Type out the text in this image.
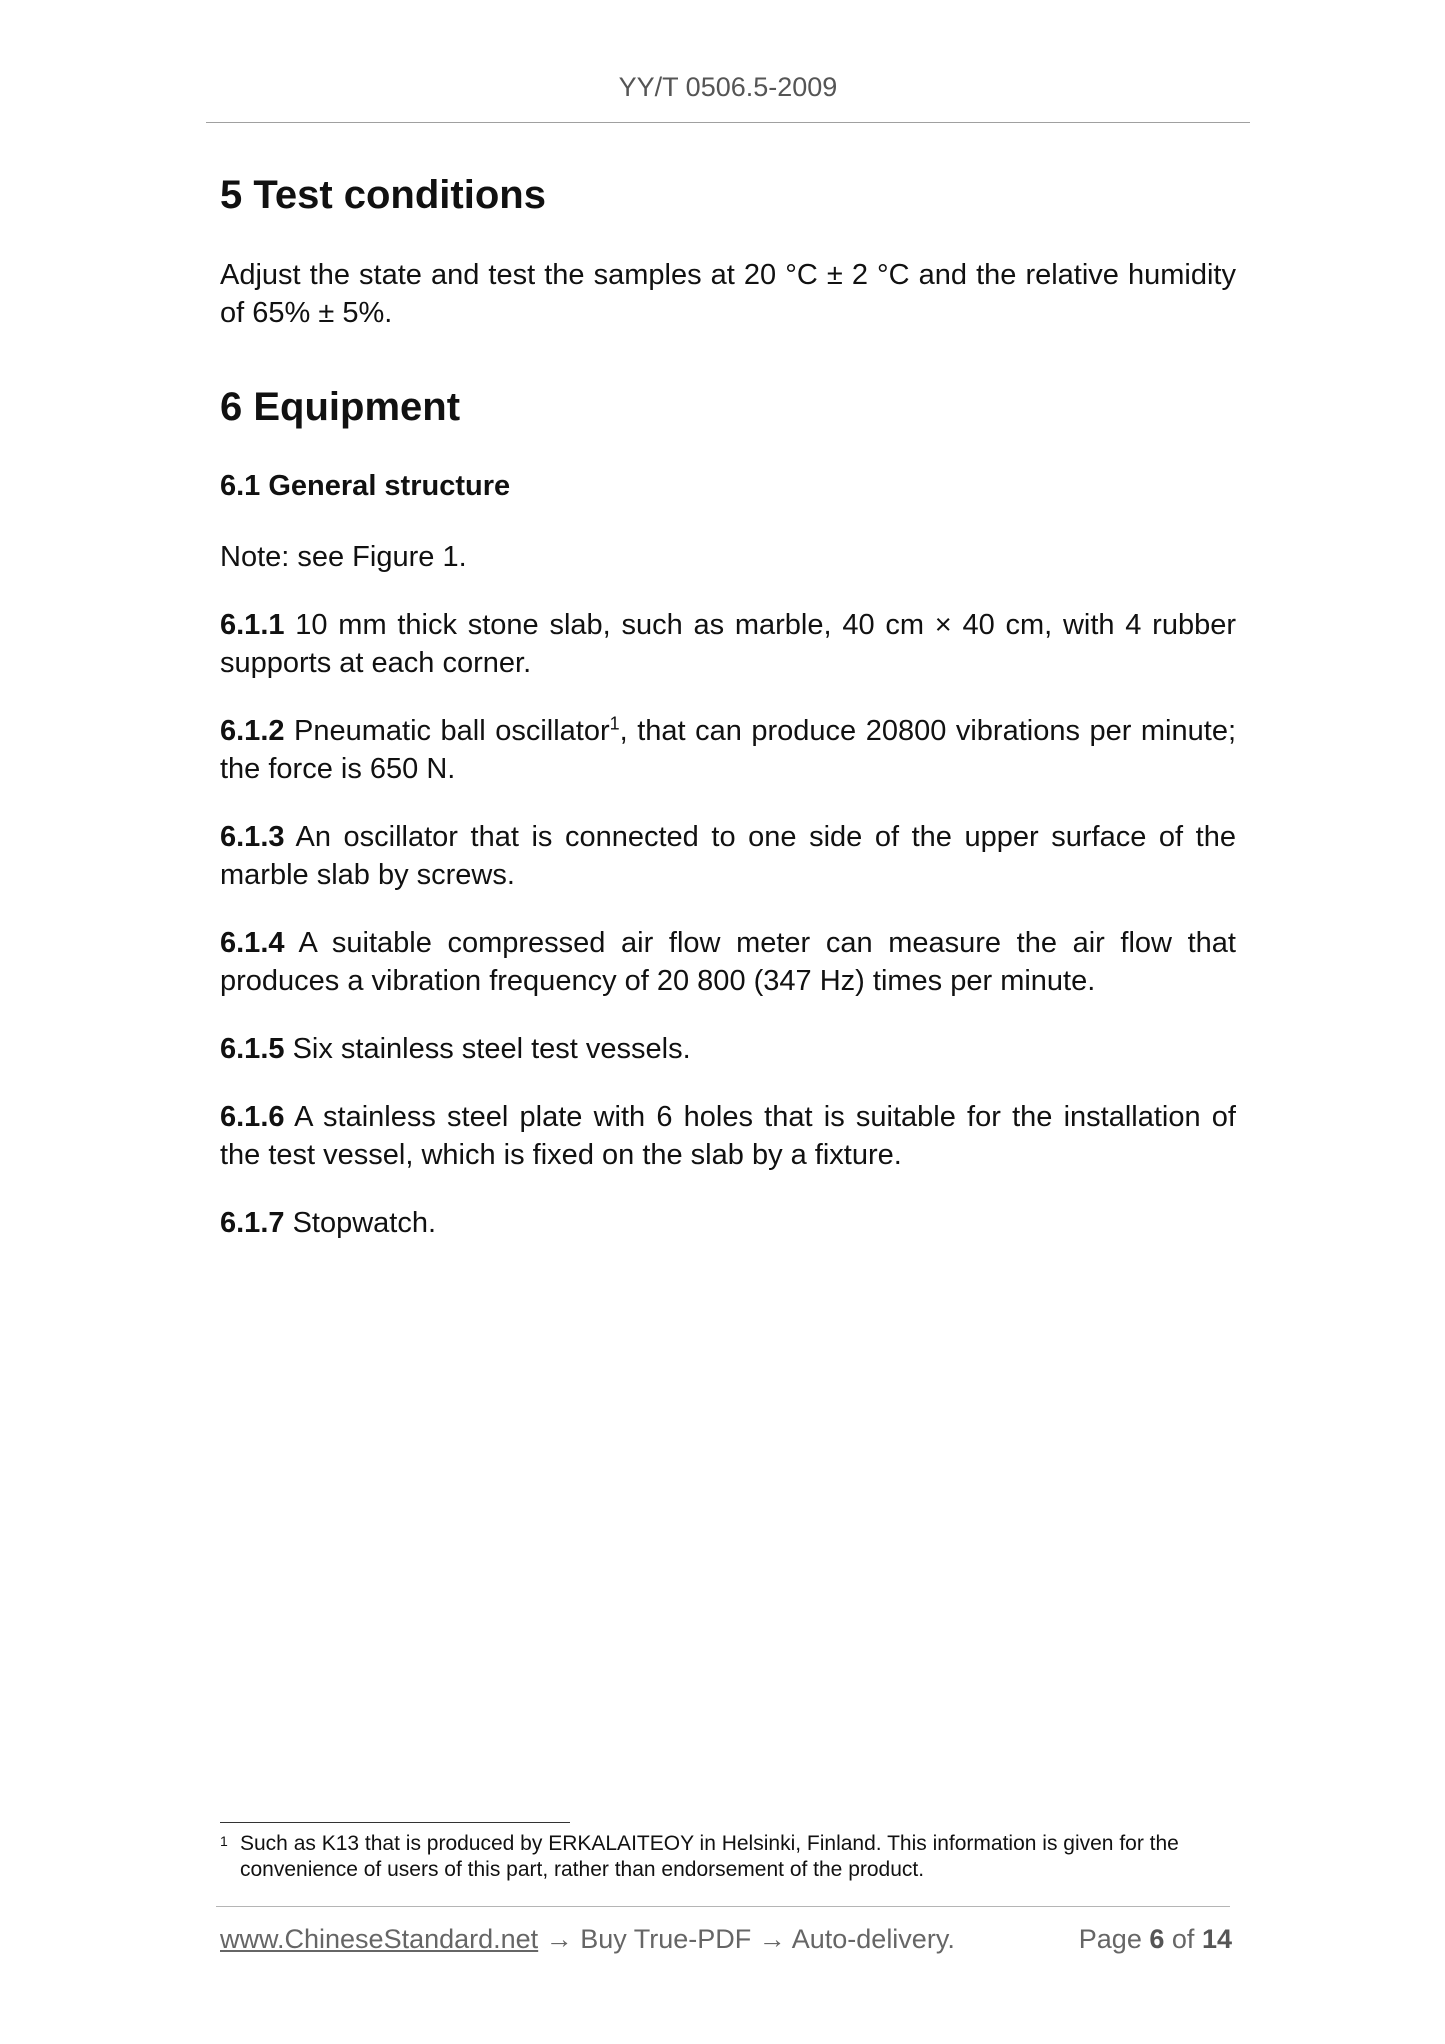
YY/T 0506.5-2009
5 Test conditions

Adjust the state and test the samples at 20 °C ± 2 °C and the relative humidity of 65% ± 5%.

6 Equipment
6.1 General structure

Note: see Figure 1.

6.1.1 10 mm thick stone slab, such as marble, 40 cm × 40 cm, with 4 rubber supports at each corner.

6.1.2 Pneumatic ball oscillator$^1$, that can produce 20800 vibrations per minute; the force is 650 N.

6.1.3 An oscillator that is connected to one side of the upper surface of the marble slab by screws.

6.1.4 A suitable compressed air flow meter can measure the air flow that produces a vibration frequency of 20 800 (347 Hz) times per minute.

6.1.5 Six stainless steel test vessels.

6.1.6 A stainless steel plate with 6 holes that is suitable for the installation of the test vessel, which is fixed on the slab by a fixture.

6.1.7 Stopwatch.

1 Such as K13 that is produced by ERKALAITEOY in Helsinki, Finland. This information is given for the convenience of users of this part, rather than endorsement of the product.
www.ChineseStandard.net → Buy True-PDF → Auto-delivery.	Page 6 of 14
